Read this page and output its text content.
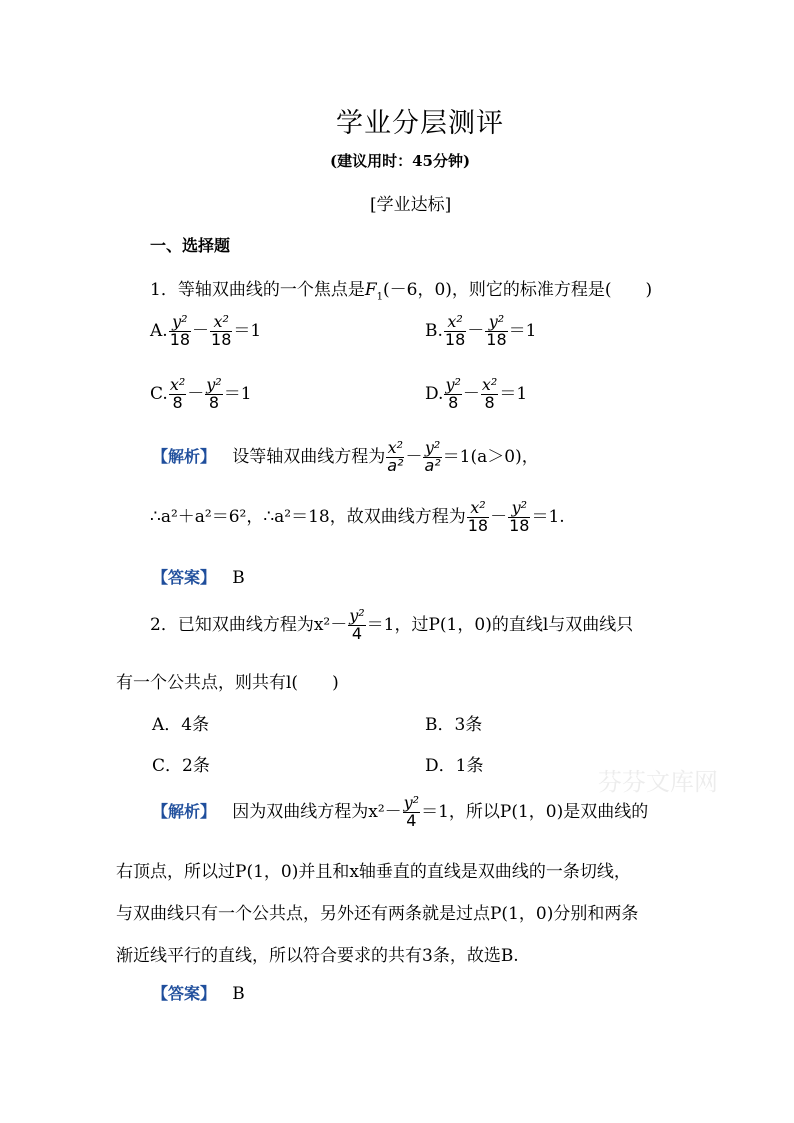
学业分层测评
(建议用时：45分钟)
[学业达标]
一、选择题
1．等轴双曲线的一个焦点是$F_1(-6$，0)，则它的标准方程是(　　)
A. $\frac{\text{y²}}{18} - \frac{\text{x²}}{18} =1$	B. $\frac{\text{x²}}{18} - \frac{\text{y²}}{18} =1$
C. $\frac{\text{x²}}{8} - \frac{\text{y²}}{8} =1$	D. $\frac{\text{y²}}{8} - \frac{\text{x²}}{8} =1$
【解析】 设等轴双曲线方程为 $\frac{\text{x²}}{\text{a²}} - \frac{\text{y²}}{\text{a²}} =1(a>0)$，
∴a²＋a²＝6²，∴a²＝18，故双曲线方程为 $\frac{\text{x²}}{18} - \frac{\text{y²}}{18} =1$.
【答案】 B
2．已知双曲线方程为$x^2- \frac{\text{y²}}{4} =1$，过P(1，0)的直线l与双曲线只
有一个公共点，则共有l(　　)
A．4条	B．3条
C．2条	D．1条
芬芬文库网
【解析】 因为双曲线方程为$x^2- \frac{\text{y²}}{4} =1$，所以P(1，0)是双曲线的
右顶点，所以过P(1，0)并且和x轴垂直的直线是双曲线的一条切线，
与双曲线只有一个公共点，另外还有两条就是过点P(1，0)分别和两条
渐近线平行的直线，所以符合要求的共有3条，故选B.
【答案】 B
